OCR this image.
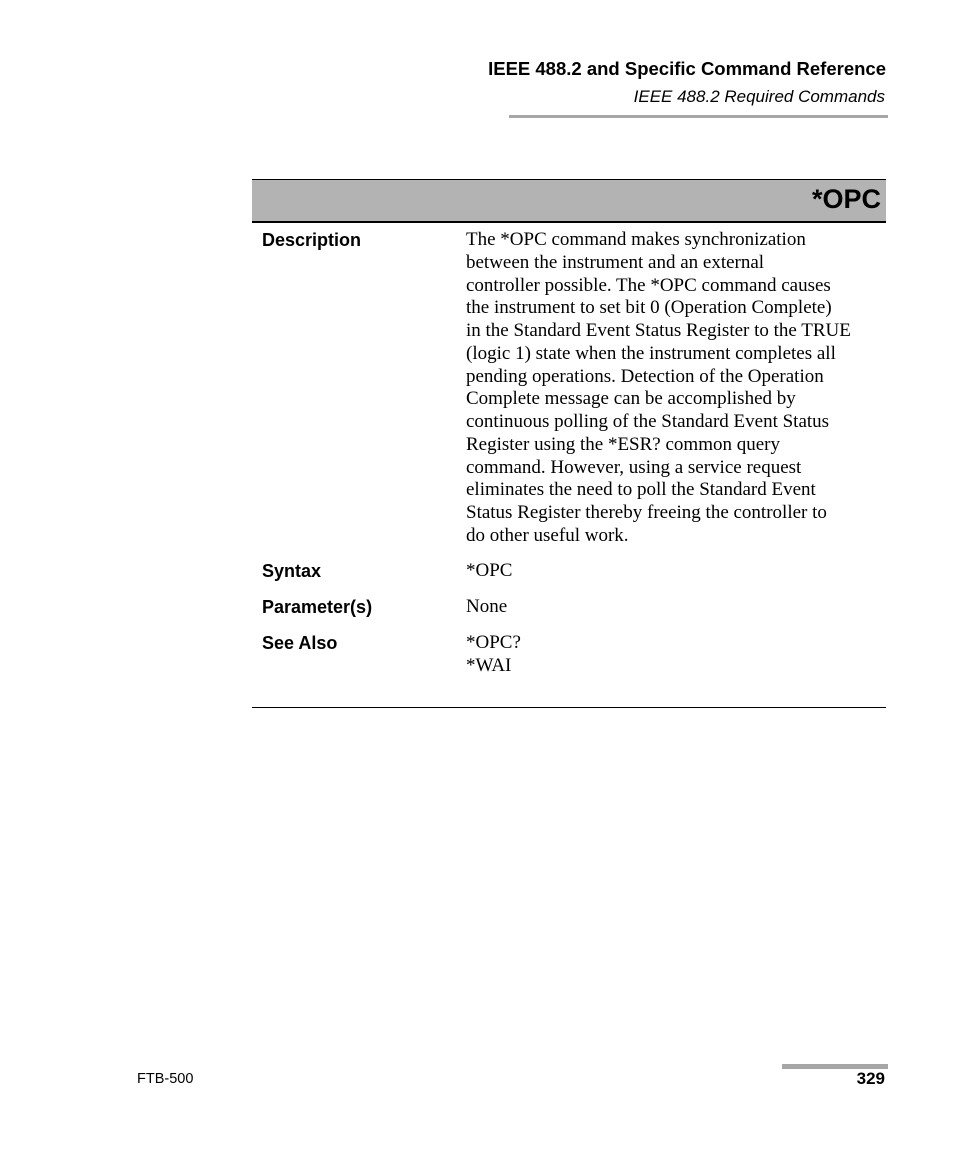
IEEE 488.2 and Specific Command Reference
IEEE 488.2 Required Commands
*OPC
Description	The *OPC command makes synchronization
between the instrument and an external
controller possible. The *OPC command causes
the instrument to set bit 0 (Operation Complete)
in the Standard Event Status Register to the TRUE
(logic 1) state when the instrument completes all
pending operations. Detection of the Operation
Complete message can be accomplished by
continuous polling of the Standard Event Status
Register using the *ESR? common query
command. However, using a service request
eliminates the need to poll the Standard Event
Status Register thereby freeing the controller to
do other useful work.
Syntax	*OPC
Parameter(s)	None
See Also	*OPC?
*WAI
FTB-500	329
